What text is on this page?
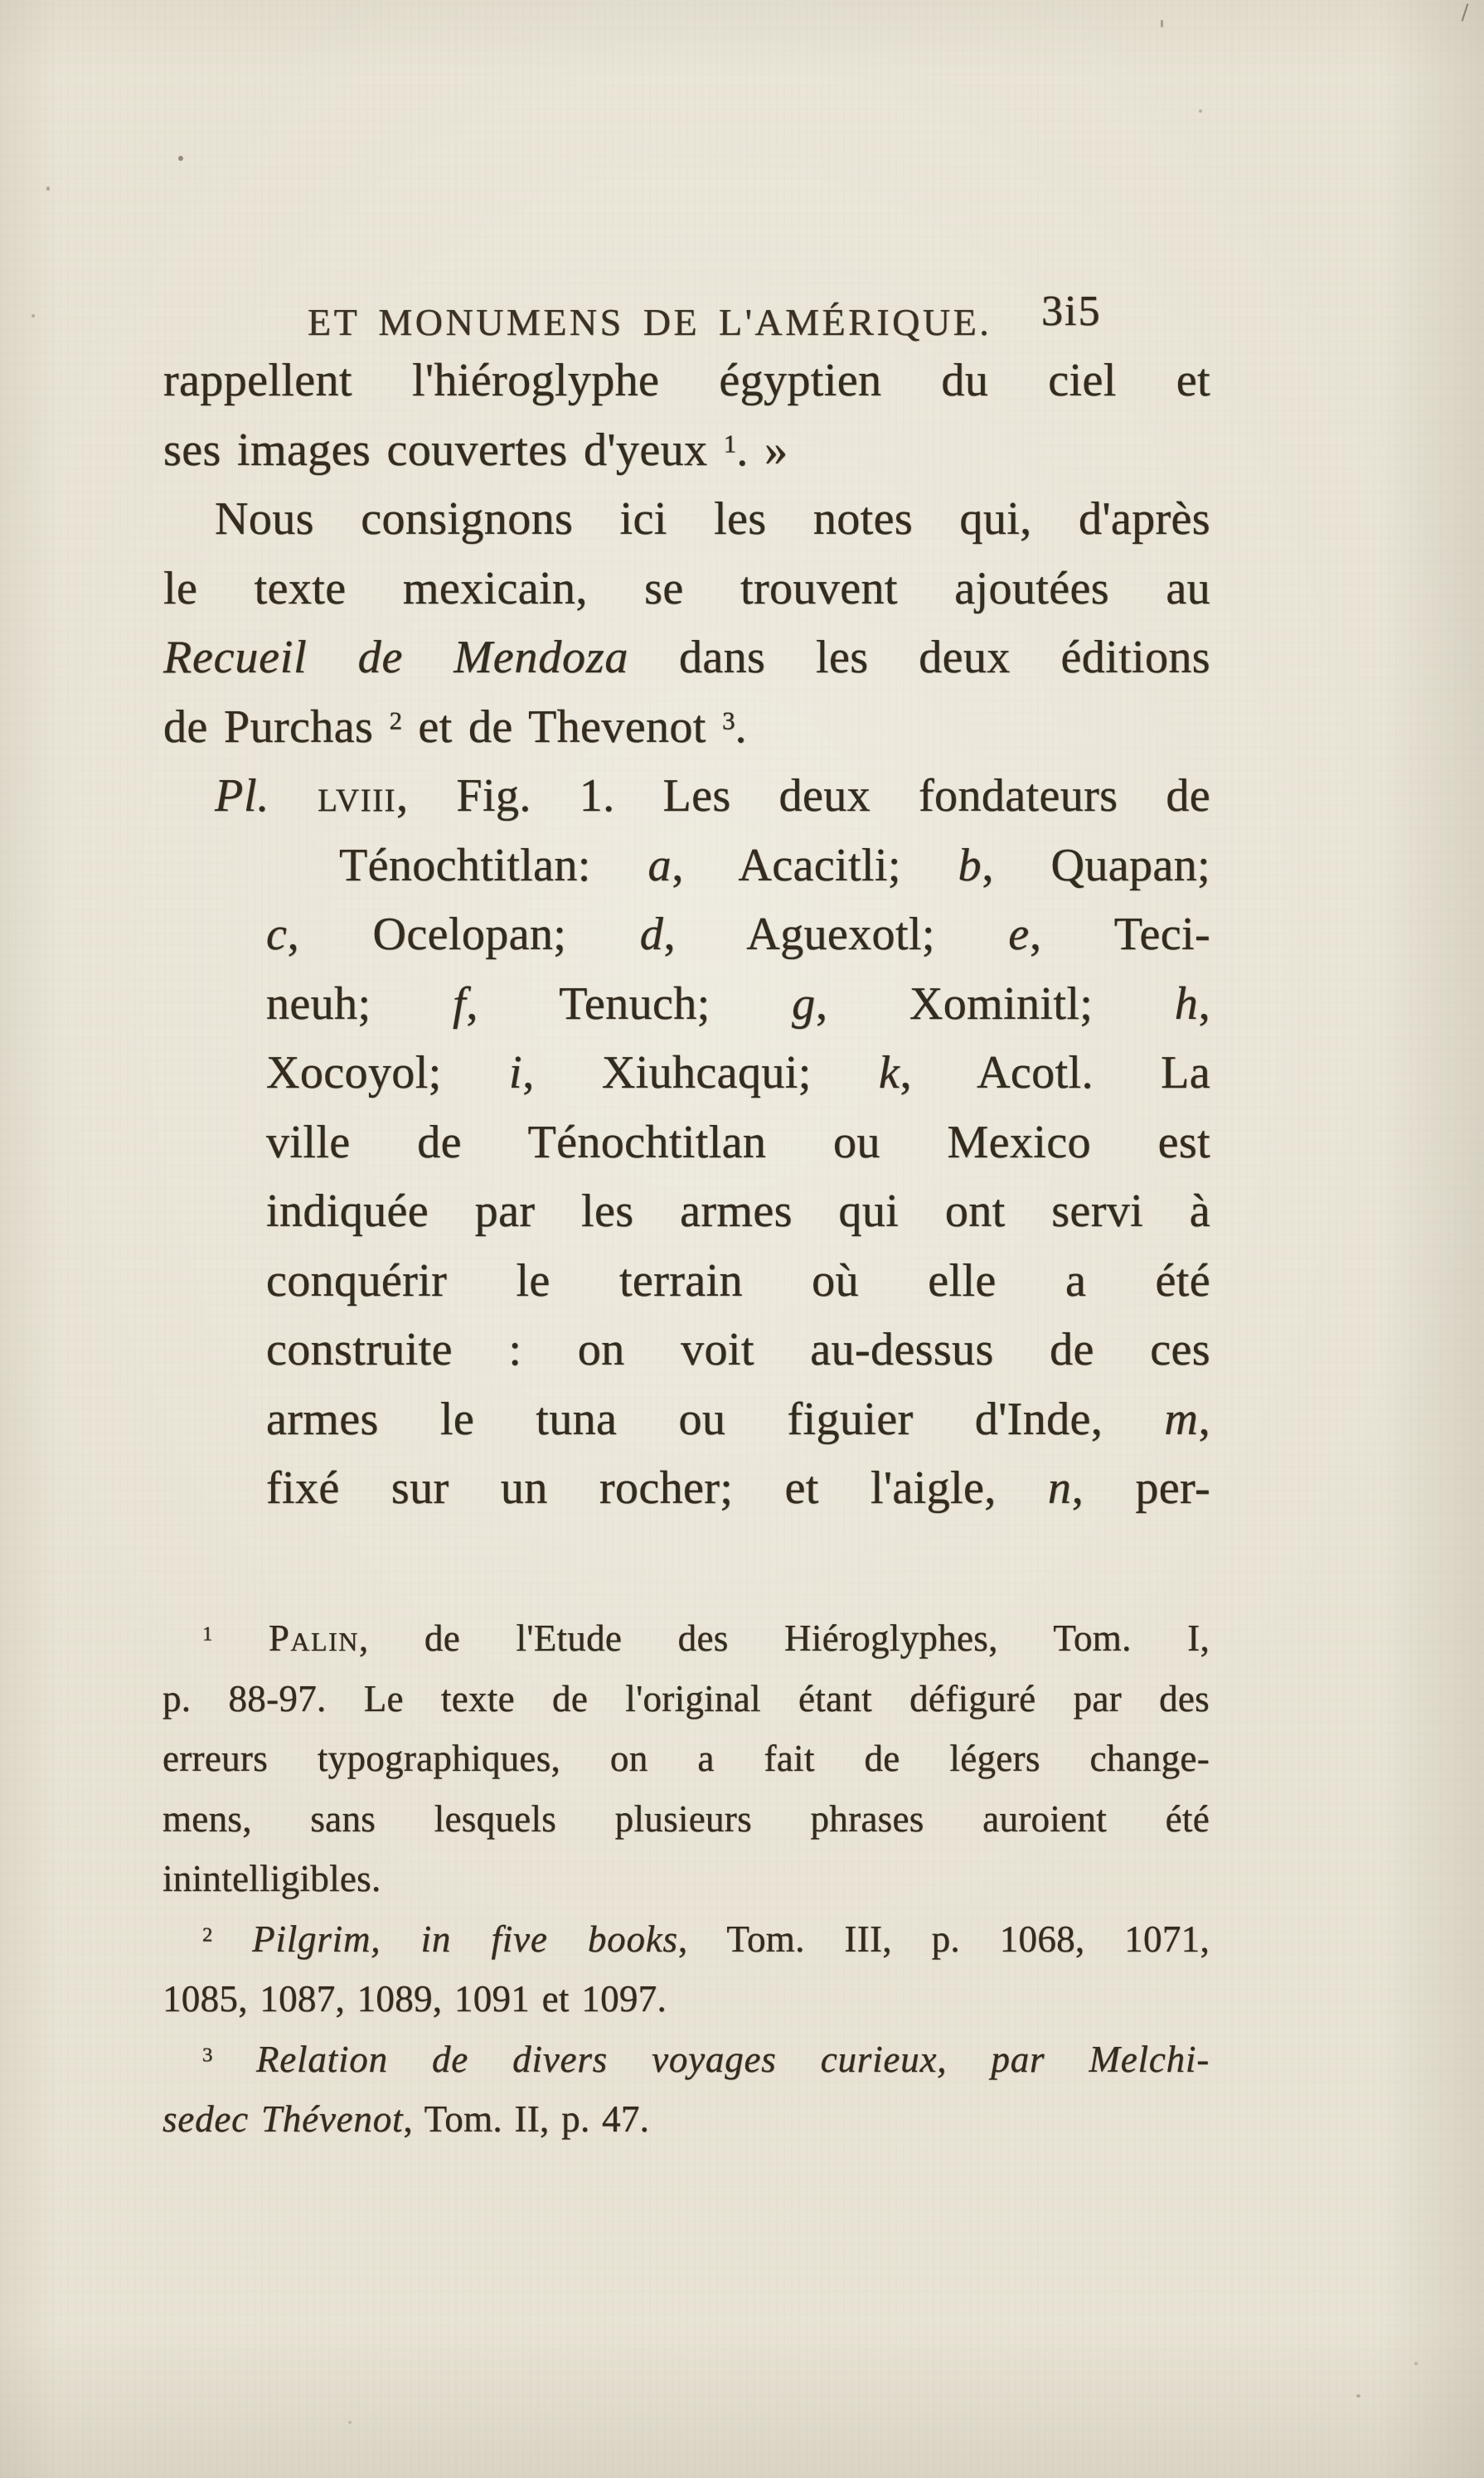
ET MONUMENS DE L'AMÉRIQUE. 3i5

rappellent l'hiéroglyphe égyptien du ciel et

ses images couvertes d'yeux $^1$. »

Nous consignons ici les notes qui, d'après

le texte mexicain, se trouvent ajoutées au

Recueil de Mendoza dans les deux éditions

de Purchas $^2$ et de Thevenot $^3$.

Pl. lviii, Fig. 1. Les deux fondateurs de

Ténochtitlan: a, Acacitli; b, Quapan;

c, Ocelopan; d, Aguexotl; e, Teci-

neuh; f, Tenuch; g, Xominitl; h,

Xocoyol; i, Xiuhcaqui; k, Acotl. La

ville de Ténochtitlan ou Mexico est

indiquée par les armes qui ont servi à

conquérir le terrain où elle a été

construite : on voit au-dessus de ces

armes le tuna ou figuier d'Inde, m,

fixé sur un rocher; et l'aigle, n, per-

$^1$ Palin, de l'Etude des Hiéroglyphes, Tom. I,

p. 88-97. Le texte de l'original étant défiguré par des

erreurs typographiques, on a fait de légers change-

mens, sans lesquels plusieurs phrases auroient été

inintelligibles.

$^2$ Pilgrim, in five books, Tom. III, p. 1068, 1071,

1085, 1087, 1089, 1091 et 1097.

$^3$ Relation de divers voyages curieux, par Melchi-

sedec Thévenot, Tom. II, p. 47.
